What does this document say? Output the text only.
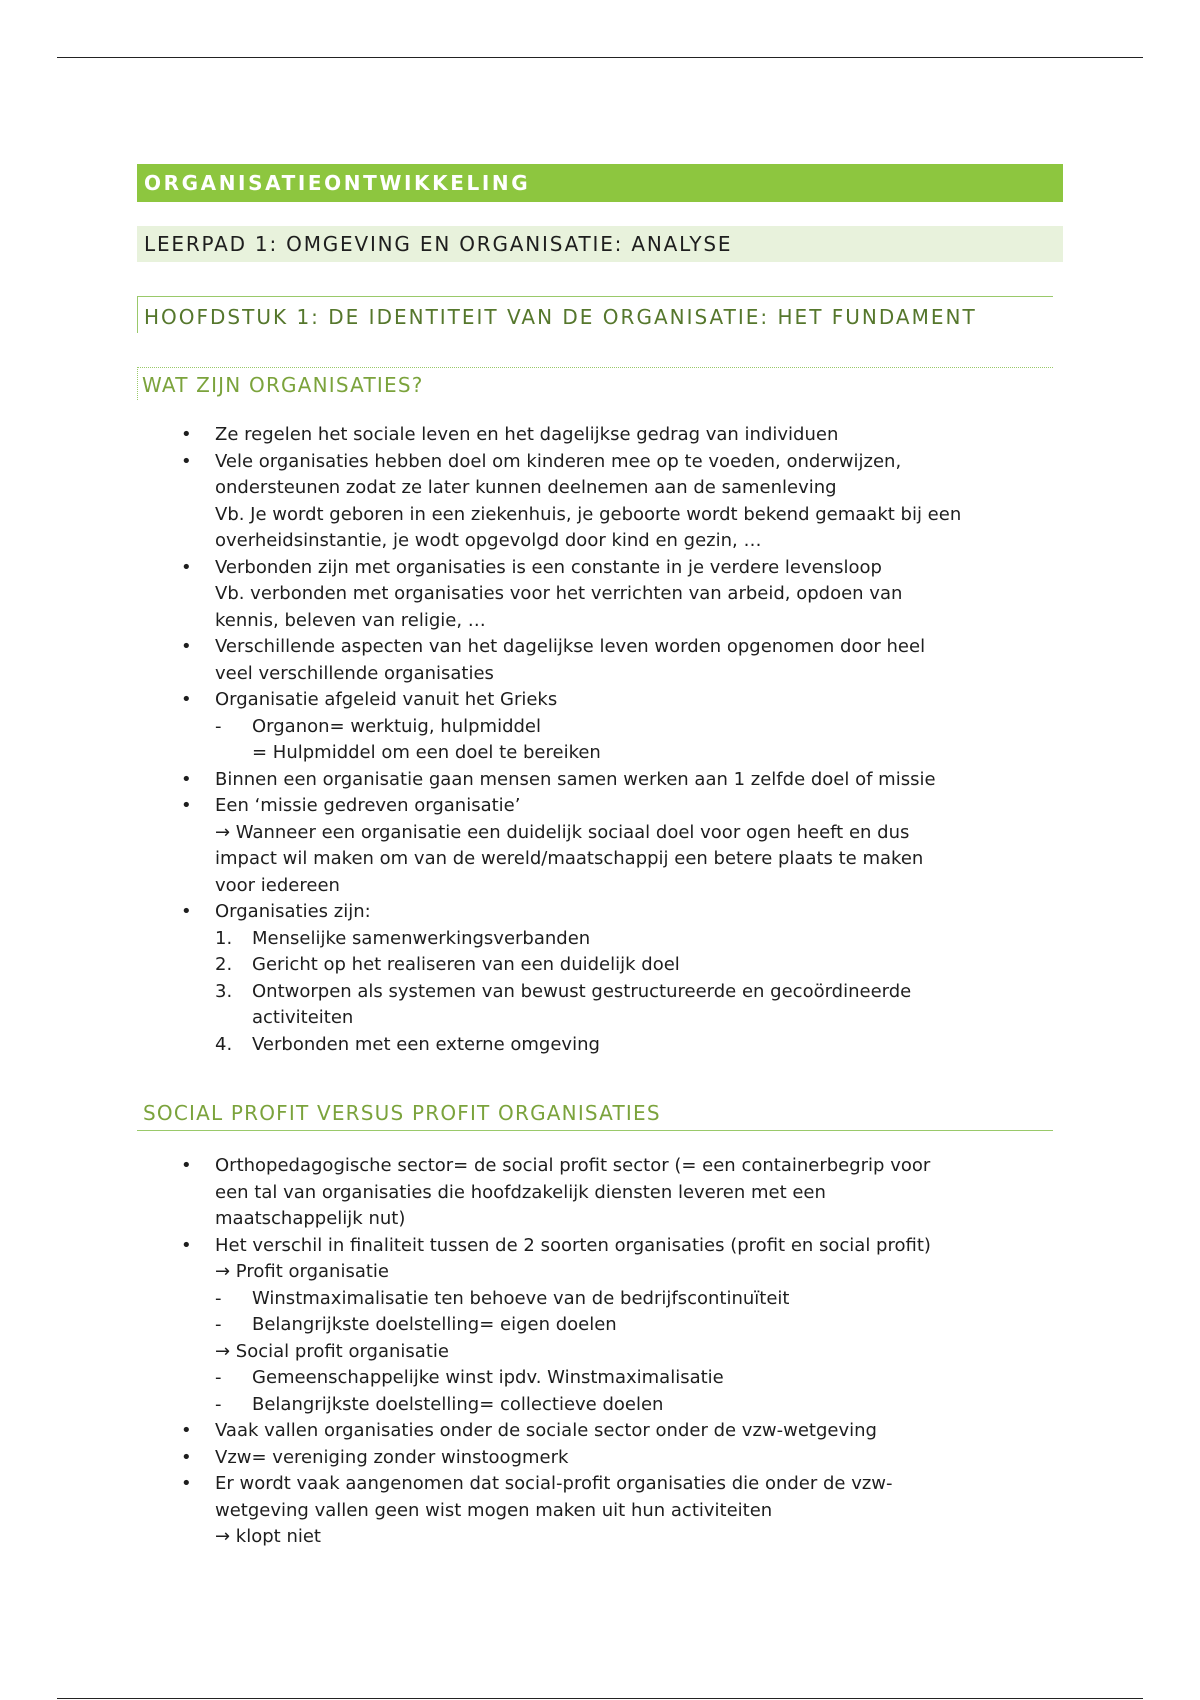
ORGANISATIEONTWIKKELING
LEERPAD 1: OMGEVING EN ORGANISATIE: ANALYSE
HOOFDSTUK 1: DE IDENTITEIT VAN DE ORGANISATIE: HET FUNDAMENT
WAT ZIJN ORGANISATIES?
• Ze regelen het sociale leven en het dagelijkse gedrag van individuen
• Vele organisaties hebben doel om kinderen mee op te voeden, onderwijzen,
ondersteunen zodat ze later kunnen deelnemen aan de samenleving
Vb. Je wordt geboren in een ziekenhuis, je geboorte wordt bekend gemaakt bij een
overheidsinstantie, je wodt opgevolgd door kind en gezin, …
• Verbonden zijn met organisaties is een constante in je verdere levensloop
Vb. verbonden met organisaties voor het verrichten van arbeid, opdoen van
kennis, beleven van religie, …
• Verschillende aspecten van het dagelijkse leven worden opgenomen door heel
veel verschillende organisaties
• Organisatie afgeleid vanuit het Grieks
- Organon= werktuig, hulpmiddel
= Hulpmiddel om een doel te bereiken
• Binnen een organisatie gaan mensen samen werken aan 1 zelfde doel of missie
• Een ‘missie gedreven organisatie’
→ Wanneer een organisatie een duidelijk sociaal doel voor ogen heeft en dus
impact wil maken om van de wereld/maatschappij een betere plaats te maken
voor iedereen
• Organisaties zijn:
1. Menselijke samenwerkingsverbanden
2. Gericht op het realiseren van een duidelijk doel
3. Ontworpen als systemen van bewust gestructureerde en gecoördineerde
activiteiten
4. Verbonden met een externe omgeving
SOCIAL PROFIT VERSUS PROFIT ORGANISATIES
• Orthopedagogische sector= de social profit sector (= een containerbegrip voor
een tal van organisaties die hoofdzakelijk diensten leveren met een
maatschappelijk nut)
• Het verschil in finaliteit tussen de 2 soorten organisaties (profit en social profit)
→ Profit organisatie
- Winstmaximalisatie ten behoeve van de bedrijfscontinuïteit
- Belangrijkste doelstelling= eigen doelen
→ Social profit organisatie
- Gemeenschappelijke winst ipdv. Winstmaximalisatie
- Belangrijkste doelstelling= collectieve doelen
• Vaak vallen organisaties onder de sociale sector onder de vzw-wetgeving
• Vzw= vereniging zonder winstoogmerk
• Er wordt vaak aangenomen dat social-profit organisaties die onder de vzw-
wetgeving vallen geen wist mogen maken uit hun activiteiten
→ klopt niet
